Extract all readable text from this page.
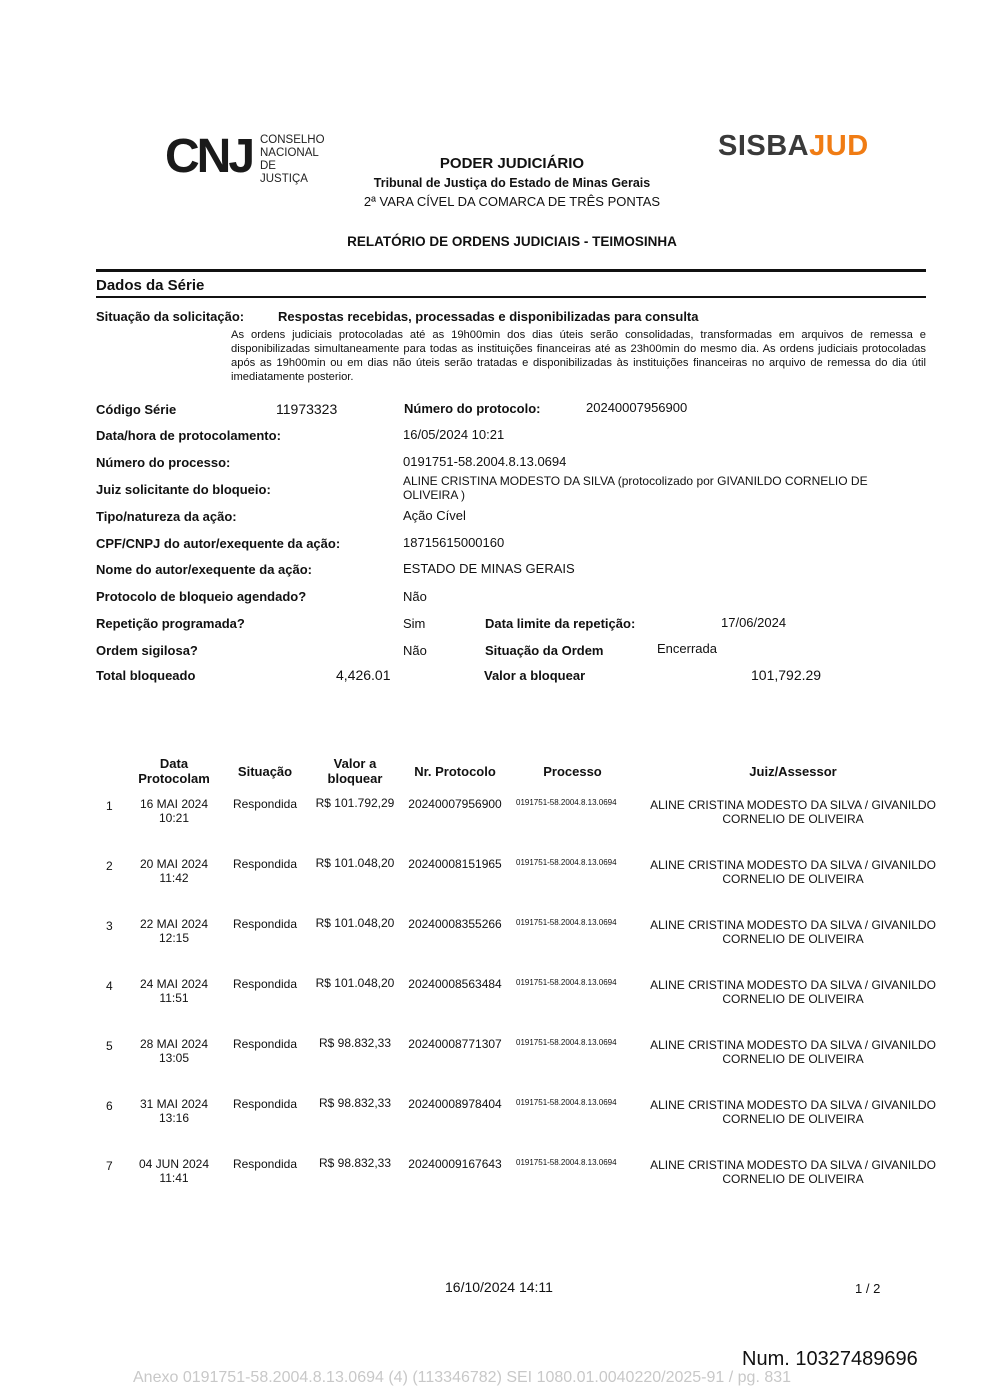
CNJ CONSELHO
NACIONAL
DE JUSTIÇA
SISBAJUD
PODER JUDICIÁRIO
Tribunal de Justiça do Estado de Minas Gerais
2ª VARA CÍVEL DA COMARCA DE TRÊS PONTAS
RELATÓRIO DE ORDENS JUDICIAIS - TEIMOSINHA
Dados da Série
Situação da solicitação:	Respostas recebidas, processadas e disponibilizadas para consulta
As ordens judiciais protocoladas até as 19h00min dos dias úteis serão consolidadas, transformadas em arquivos de remessa e disponibilizadas simultaneamente para todas as instituições financeiras até as 23h00min do mesmo dia. As ordens judiciais protocoladas após as 19h00min ou em dias não úteis serão tratadas e disponibilizadas às instituições financeiras no arquivo de remessa do dia útil imediatamente posterior.
Código Série	11973323	Número do protocolo:	20240007956900
Data/hora de protocolamento:	16/05/2024 10:21
Número do processo:	0191751-58.2004.8.13.0694
Juiz solicitante do bloqueio:
ALINE CRISTINA MODESTO DA SILVA (protocolizado por GIVANILDO CORNELIO DE
OLIVEIRA )
Tipo/natureza da ação:	Ação Cível
CPF/CNPJ do autor/exequente da ação:	18715615000160
Nome do autor/exequente da ação:	ESTADO DE MINAS GERAIS
Protocolo de bloqueio agendado?	Não
Repetição programada?	Sim	Data limite da repetição:	17/06/2024
Ordem sigilosa?	Não	Situação da Ordem	Encerrada
Total bloqueado	4,426.01	Valor a bloquear	101,792.29
Data
Protocolam	Situação
Valor a
bloquear	Nr. Protocolo	Processo	Juiz/Assessor
1	16 MAI 2024
10:21
Respondida	R$ 101.792,29	20240007956900	0191751-58.2004.8.13.0694	ALINE CRISTINA MODESTO DA SILVA / GIVANILDO
CORNELIO DE OLIVEIRA
2	20 MAI 2024
11:42
Respondida	R$ 101.048,20	20240008151965	0191751-58.2004.8.13.0694	ALINE CRISTINA MODESTO DA SILVA / GIVANILDO
CORNELIO DE OLIVEIRA
3	22 MAI 2024
12:15
Respondida	R$ 101.048,20	20240008355266	0191751-58.2004.8.13.0694	ALINE CRISTINA MODESTO DA SILVA / GIVANILDO
CORNELIO DE OLIVEIRA
4	24 MAI 2024
11:51
Respondida	R$ 101.048,20	20240008563484	0191751-58.2004.8.13.0694	ALINE CRISTINA MODESTO DA SILVA / GIVANILDO
CORNELIO DE OLIVEIRA
5	28 MAI 2024
13:05
Respondida	R$ 98.832,33	20240008771307	0191751-58.2004.8.13.0694	ALINE CRISTINA MODESTO DA SILVA / GIVANILDO
CORNELIO DE OLIVEIRA
6	31 MAI 2024
13:16
Respondida	R$ 98.832,33	20240008978404	0191751-58.2004.8.13.0694	ALINE CRISTINA MODESTO DA SILVA / GIVANILDO
CORNELIO DE OLIVEIRA
7	04 JUN 2024
11:41
Respondida	R$ 98.832,33	20240009167643	0191751-58.2004.8.13.0694	ALINE CRISTINA MODESTO DA SILVA / GIVANILDO
CORNELIO DE OLIVEIRA
16/10/2024 14:11	1 / 2
Num. 10327489696
Anexo 0191751-58.2004.8.13.0694 (4) (113346782) SEI 1080.01.0040220/2025-91 / pg. 831
